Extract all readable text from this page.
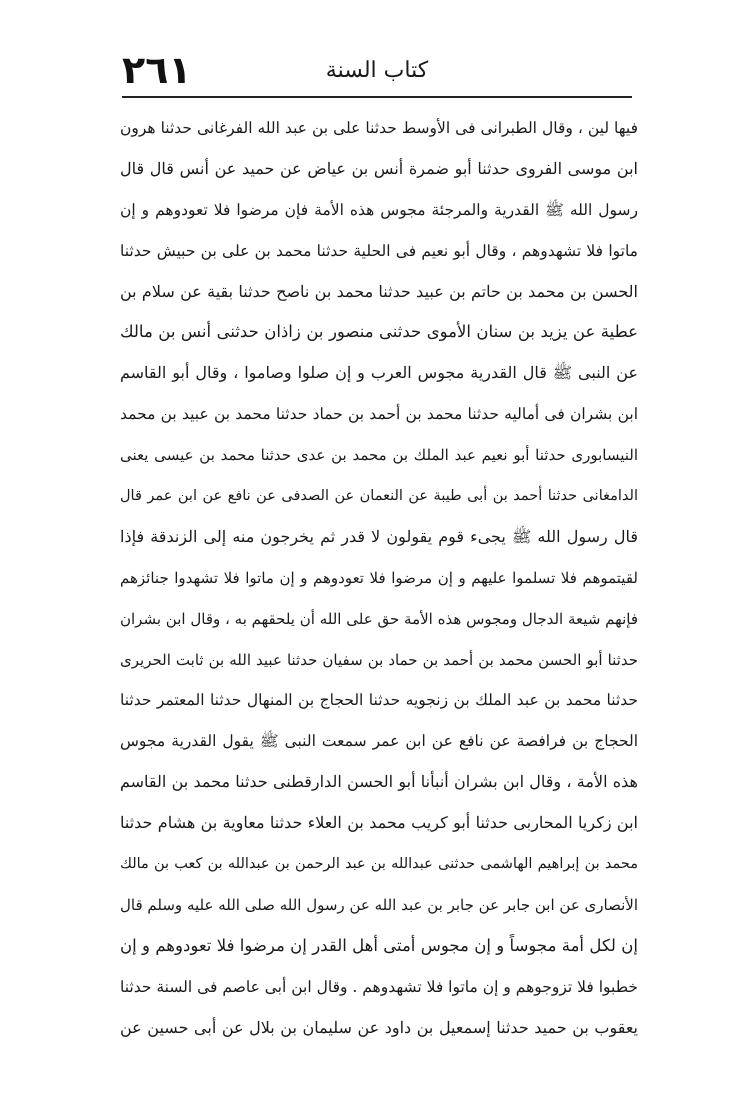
٢٦١	كتاب السنة
فيها لين ، وقال الطبرانى فى الأوسط حدثنا على بن عبد الله الفرغانى حدثنا هرون
ابن موسى الفروى حدثنا أبو ضمرة أنس بن عياض عن حميد عن أنس قال قال
رسول الله ﷺ القدرية والمرجئة مجوس هذه الأمة فإن مرضوا فلا تعودوهم و إن
ماتوا فلا تشهدوهم ، وقال أبو نعيم فى الحلية حدثنا محمد بن على بن حبيش حدثنا
الحسن بن محمد بن حاتم بن عبيد حدثنا محمد بن ناصح حدثنا بقية عن سلام بن
عطية عن يزيد بن سنان الأموى حدثنى منصور بن زاذان حدثنى أنس بن مالك
عن النبى ﷺ قال القدرية مجوس العرب و إن صلوا وصاموا ، وقال أبو القاسم
ابن بشران فى أماليه حدثنا محمد بن أحمد بن حماد حدثنا محمد بن عبيد بن محمد
النيسابورى حدثنا أبو نعيم عبد الملك بن محمد بن عدى حدثنا محمد بن عيسى يعنى
الدامغانى حدثنا أحمد بن أبى طيبة عن النعمان عن الصدفى عن نافع عن ابن عمر قال
قال رسول الله ﷺ يجىء قوم يقولون لا قدر ثم يخرجون منه إلى الزندقة فإذا
لقيتموهم فلا تسلموا عليهم و إن مرضوا فلا تعودوهم و إن ماتوا فلا تشهدوا جنائزهم
فإنهم شيعة الدجال ومجوس هذه الأمة حق على الله أن يلحقهم به ، وقال ابن بشران
حدثنا أبو الحسن محمد بن أحمد بن حماد بن سفيان حدثنا عبيد الله بن ثابت الحريرى
حدثنا محمد بن عبد الملك بن زنجويه حدثنا الحجاج بن المنهال حدثنا المعتمر حدثنا
الحجاج بن فرافصة عن نافع عن ابن عمر سمعت النبى ﷺ يقول القدرية مجوس
هذه الأمة ، وقال ابن بشران أنبأنا أبو الحسن الدارقطنى حدثنا محمد بن القاسم
ابن زكريا المحاربى حدثنا أبو كريب محمد بن العلاء حدثنا معاوية بن هشام حدثنا
محمد بن إبراهيم الهاشمى حدثنى عبدالله بن عبد الرحمن بن عبدالله بن كعب بن مالك
الأنصارى عن ابن جابر عن جابر بن عبد الله عن رسول الله صلى الله عليه وسلم قال
إن لكل أمة مجوساً و إن مجوس أمتى أهل القدر إن مرضوا فلا تعودوهم و إن
خطبوا فلا تزوجوهم و إن ماتوا فلا تشهدوهم . وقال ابن أبى عاصم فى السنة حدثنا
يعقوب بن حميد حدثنا إسمعيل بن داود عن سليمان بن بلال عن أبى حسين عن
